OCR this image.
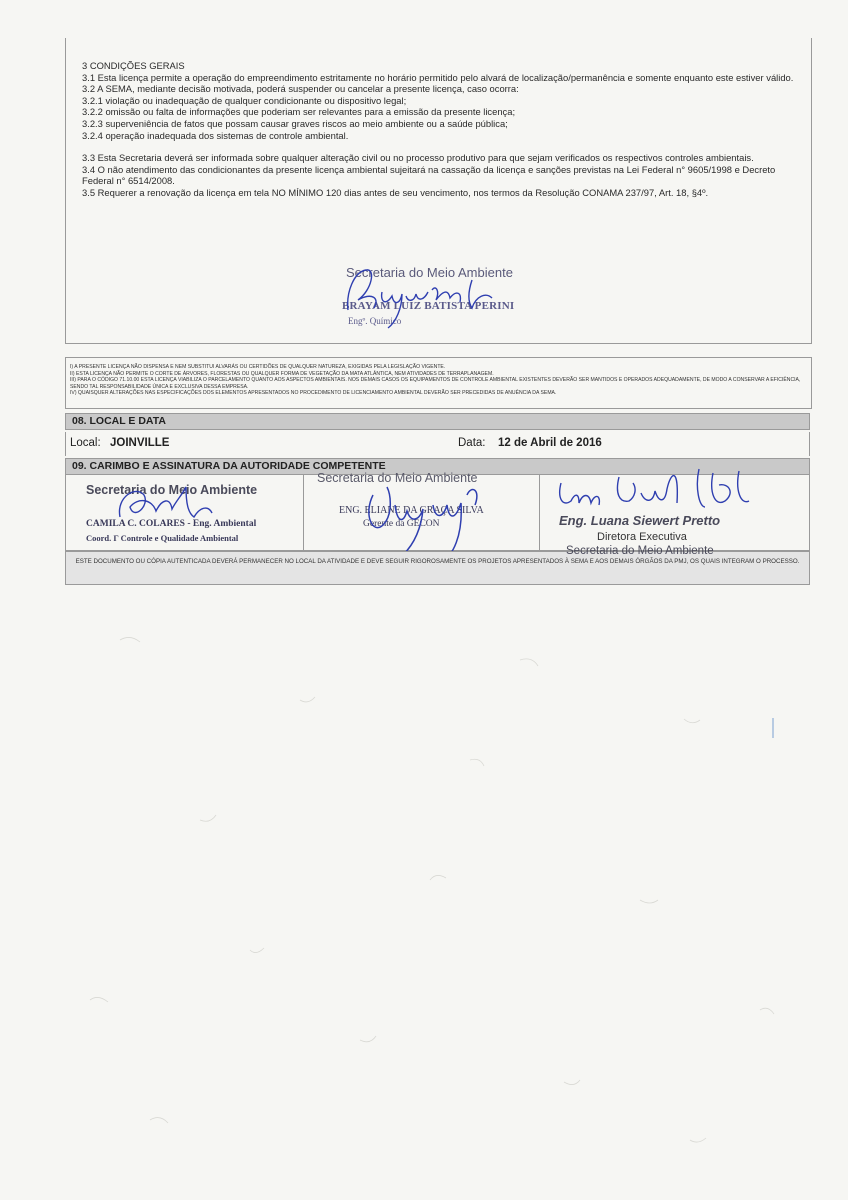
3 CONDIÇÕES GERAIS
3.1 Esta licença permite a operação do empreendimento estritamente no horário permitido pelo alvará de localização/permanência e somente enquanto este estiver válido.
3.2 A SEMA, mediante decisão motivada, poderá suspender ou cancelar a presente licença, caso ocorra:
3.2.1 violação ou inadequação de qualquer condicionante ou dispositivo legal;
3.2.2 omissão ou falta de informações que poderiam ser relevantes para a emissão da presente licença;
3.2.3 superveniência de fatos que possam causar graves riscos ao meio ambiente ou a saúde pública;
3.2.4 operação inadequada dos sistemas de controle ambiental.
3.3 Esta Secretaria deverá ser informada sobre qualquer alteração civil ou no processo produtivo para que sejam verificados os respectivos controles ambientais.
3.4 O não atendimento das condicionantes da presente licença ambiental sujeitará na cassação da licença e sanções previstas na Lei Federal n° 9605/1998 e Decreto Federal n° 6514/2008.
3.5 Requerer a renovação da licença em tela NO MÍNIMO 120 dias antes de seu vencimento, nos termos da Resolução CONAMA 237/97, Art. 18, §4º.
Secretaria do Meio Ambiente
BRAYAM LUIZ BATISTA PERINI
Engº. Químico
I) A PRESENTE LICENÇA NÃO DISPENSA E NEM SUBSTITUI ALVARÁS OU CERTIDÕES DE QUALQUER NATUREZA, EXIGIDAS PELA LEGISLAÇÃO VIGENTE.
II) ESTA LICENÇA NÃO PERMITE O CORTE DE ÁRVORES, FLORESTAS OU QUALQUER FORMA DE VEGETAÇÃO DA MATA ATLÂNTICA, NEM ATIVIDADES DE TERRAPLANAGEM.
III) PARA O CÓDIGO 71.10.00 ESTA LICENÇA VIABILIZA O PARCELAMENTO QUANTO AOS ASPECTOS AMBIENTAIS. NOS DEMAIS CASOS OS EQUIPAMENTOS DE CONTROLE AMBIENTAL EXISTENTES DEVERÃO SER MANTIDOS E OPERADOS ADEQUADAMENTE, DE MODO A CONSERVAR A EFICIÊNCIA, SENDO TAL RESPONSABILIDADE ÚNICA E EXCLUSIVA DESSA EMPRESA.
IV) QUAISQUER ALTERAÇÕES NAS ESPECIFICAÇÕES DOS ELEMENTOS APRESENTADOS NO PROCEDIMENTO DE LICENCIAMENTO AMBIENTAL DEVERÃO SER PRECEDIDAS DE ANUÊNCIA DA SEMA.
08. LOCAL E DATA
Local: JOINVILLE	Data: 12 de Abril de 2016
09. CARIMBO E ASSINATURA DA AUTORIDADE COMPETENTE
Secretaria do Meio Ambiente
CAMILA C. COLARES - Eng. Ambiental
Coord. Γ Controle e Qualidade Ambiental
Secretaria do Meio Ambiente
ENG. ELIANE DA GRAÇA SILVA
Gerente da GECON	Eng. Luana Siewert Pretto
Diretora Executiva
ESTE DOCUMENTO OU CÓPIA AUTENTICADA DEVERÁ PERMANECER NO LOCAL DA ATIVIDADE E DEVE SEGUIR RIGOROSAMENTE OS PROJETOS APRESENTADOS À SEMA E AOS DEMAIS ÓRGÃOS DA PMJ, OS QUAIS INTEGRAM O PROCESSO.
Secretaria do Meio Ambiente
